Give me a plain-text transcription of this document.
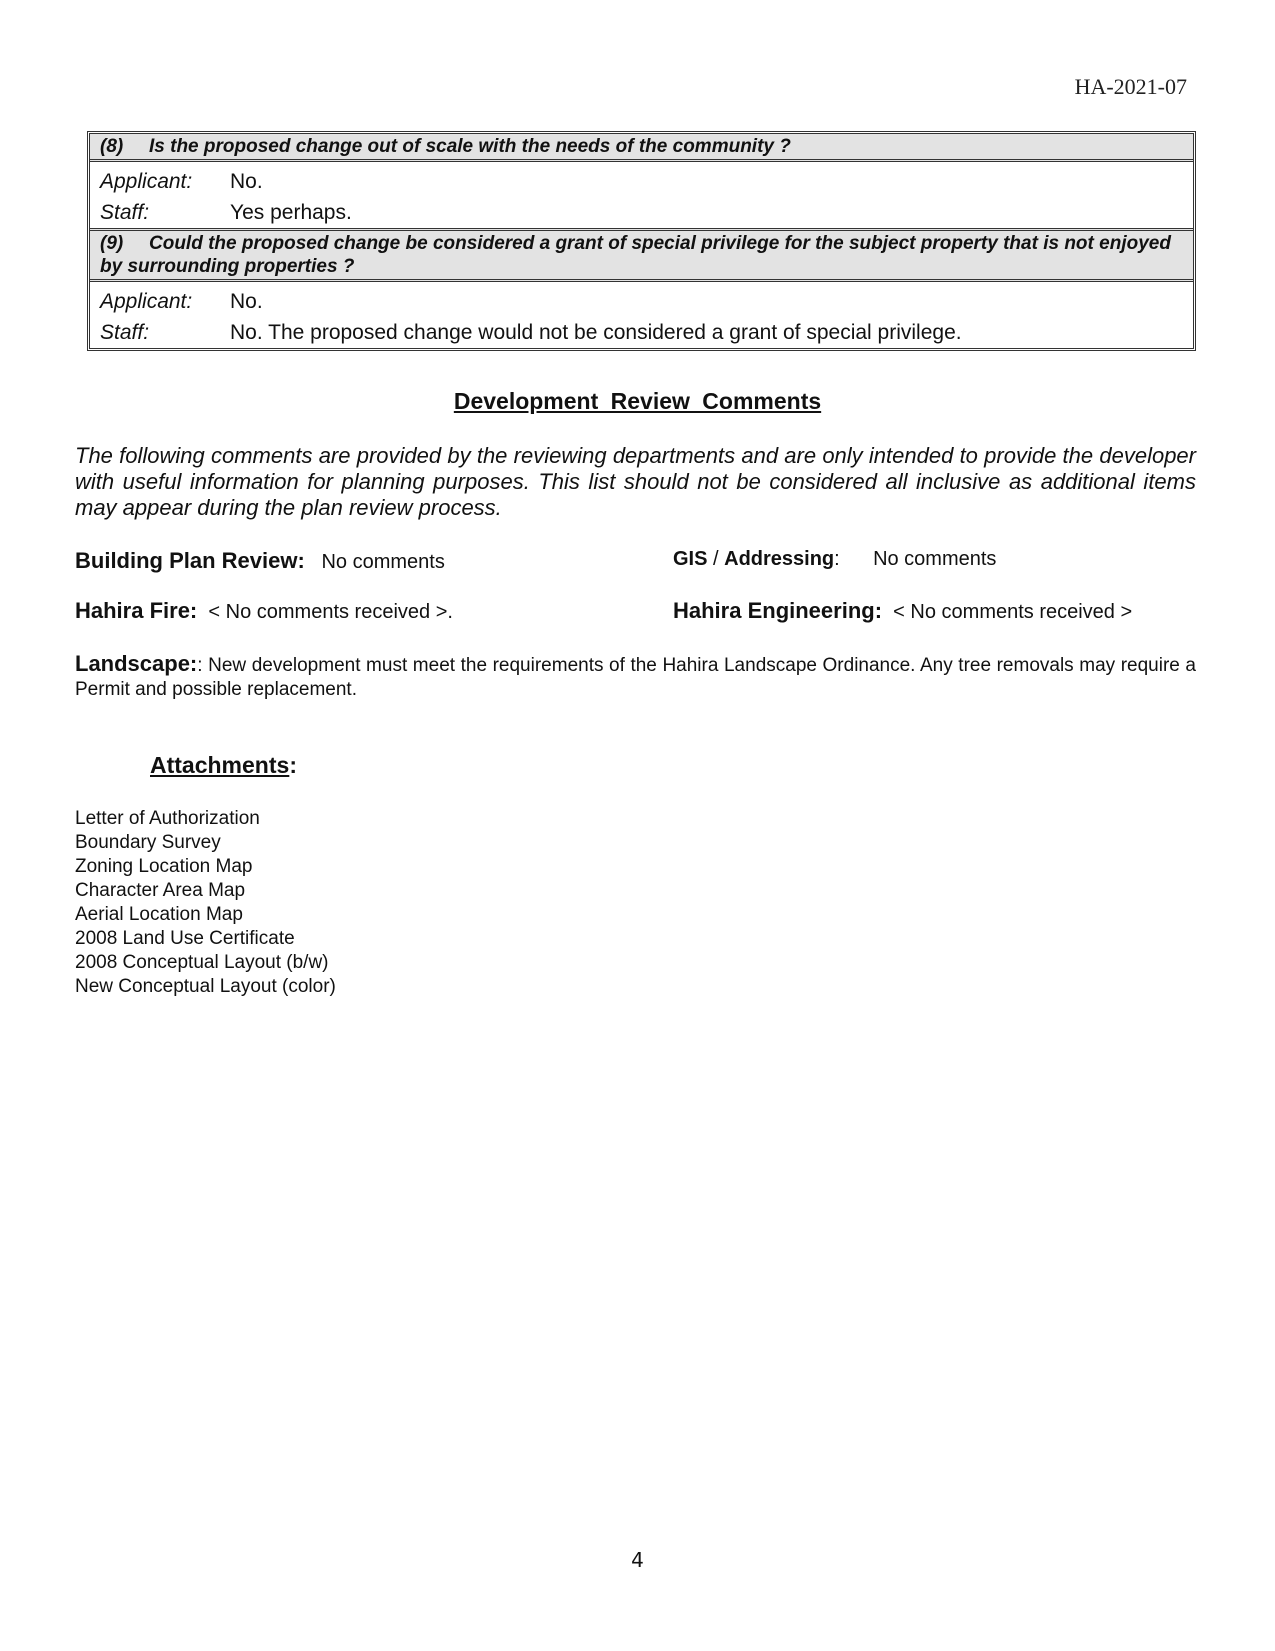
HA-2021-07
(8) Is the proposed change out of scale with the needs of the community ?
Applicant: No.
Staff:	Yes perhaps.
(9) Could the proposed change be considered a grant of special privilege for the subject property that is not enjoyed by surrounding properties ?
Applicant: No.
Staff:	No. The proposed change would not be considered a grant of special privilege.
Development Review Comments
The following comments are provided by the reviewing departments and are only intended to provide the developer with useful information for planning purposes. This list should not be considered all inclusive as additional items may appear during the plan review process.
Building Plan Review: No comments	GIS / Addressing: No comments
Hahira Fire: < No comments received >.	Hahira Engineering: < No comments received >
Landscape:: New development must meet the requirements of the Hahira Landscape Ordinance. Any tree removals may require a Permit and possible replacement.
Attachments:
Letter of Authorization
Boundary Survey
Zoning Location Map
Character Area Map
Aerial Location Map
2008 Land Use Certificate
2008 Conceptual Layout (b/w)
New Conceptual Layout (color)
4
